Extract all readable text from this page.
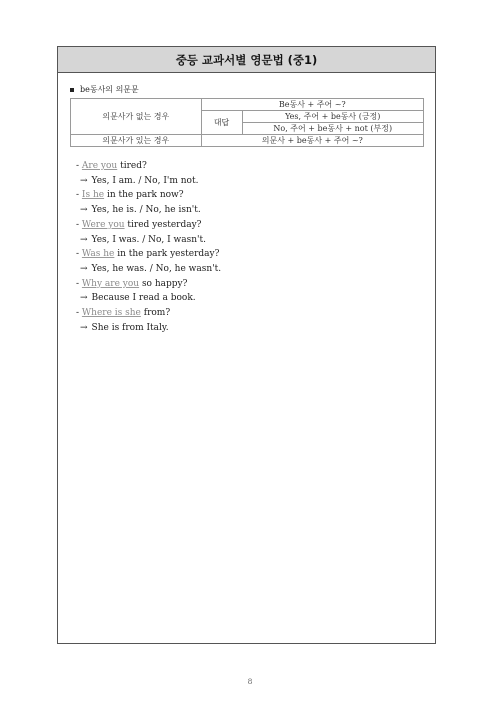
중등 교과서별 영문법 (중1)
be동사의 의문문
의문사가 없는 경우	Be동사 + 주어 ~?	
	대답	Yes, 주어 + be동사 (긍정)
		No, 주어 + be동사 + not (부정)
의문사가 있는 경우	의문사 + be동사 + 주어 ~?	
- Are you tired?
→ Yes, I am. / No, I'm not.
- Is he in the park now?
→ Yes, he is. / No, he isn't.
- Were you tired yesterday?
→ Yes, I was. / No, I wasn't.
- Was he in the park yesterday?
→ Yes, he was. / No, he wasn't.
- Why are you so happy?
→ Because I read a book.
- Where is she from?
→ She is from Italy.
8
